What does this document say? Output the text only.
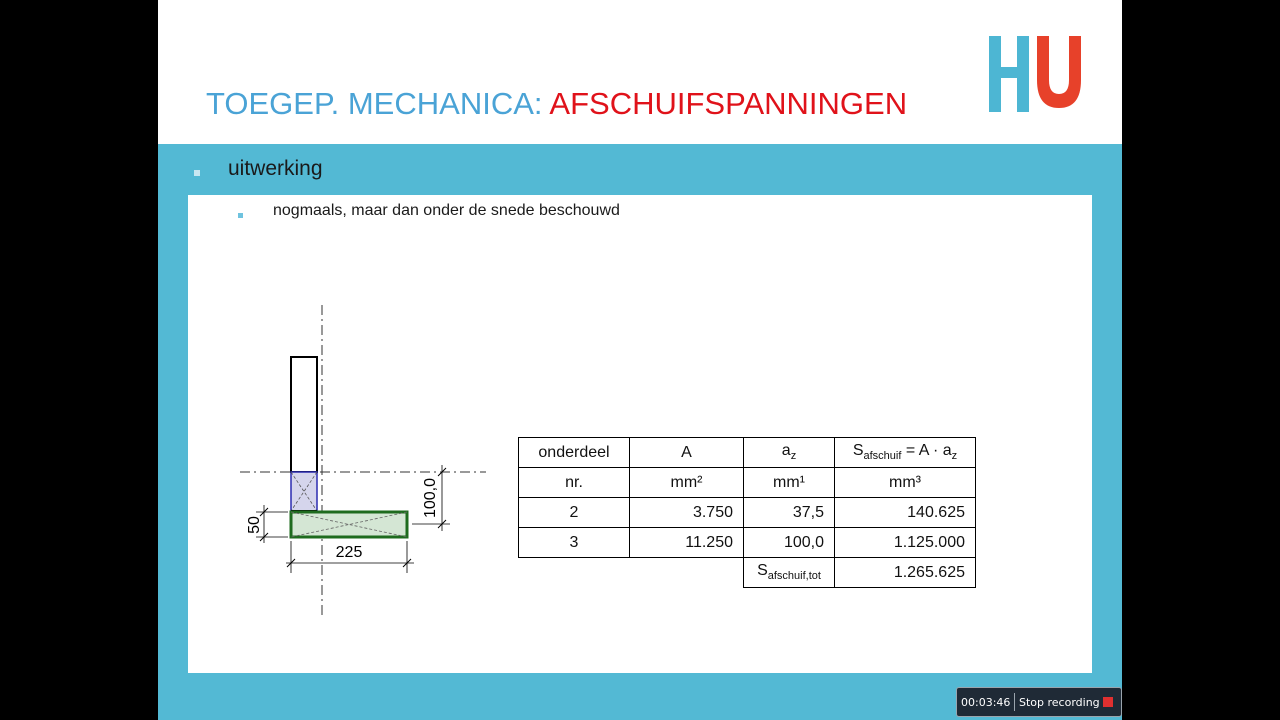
TOEGEP. MECHANICA: AFSCHUIFSPANNINGEN
uitwerking
nogmaals, maar dan onder de snede beschouwd
225
50
100,0
onderdeel	A	$a_z$	$S_{afschuif} = A \cdot a_z$
nr.	mm²	mm¹	mm³
2	3.750	37,5	140.625
3	11.250	100,0	1.125.000
		$S_{afschuif,tot}$	1.265.625
00:03:46 Stop recording
